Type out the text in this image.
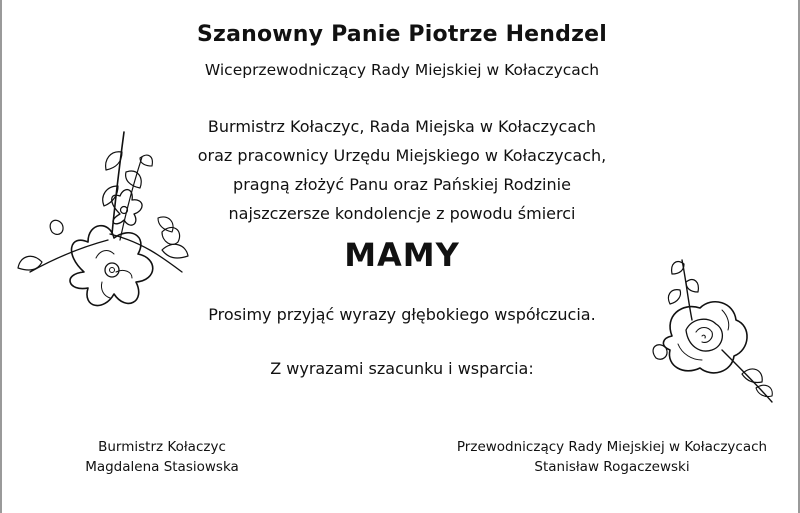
Szanowny Panie Piotrze Hendzel
Wiceprzewodniczący Rady Miejskiej w Kołaczycach
Burmistrz Kołaczyc, Rada Miejska w Kołaczycach
oraz pracownicy Urzędu Miejskiego w Kołaczycach,
pragną złożyć Panu oraz Pańskiej Rodzinie
najszczersze kondolencje z powodu śmierci
MAMY
Prosimy przyjąć wyrazy głębokiego współczucia.
Z wyrazami szacunku i wsparcia:
Burmistrz Kołaczyc
Magdalena Stasiowska
Przewodniczący Rady Miejskiej w Kołaczycach
Stanisław Rogaczewski
